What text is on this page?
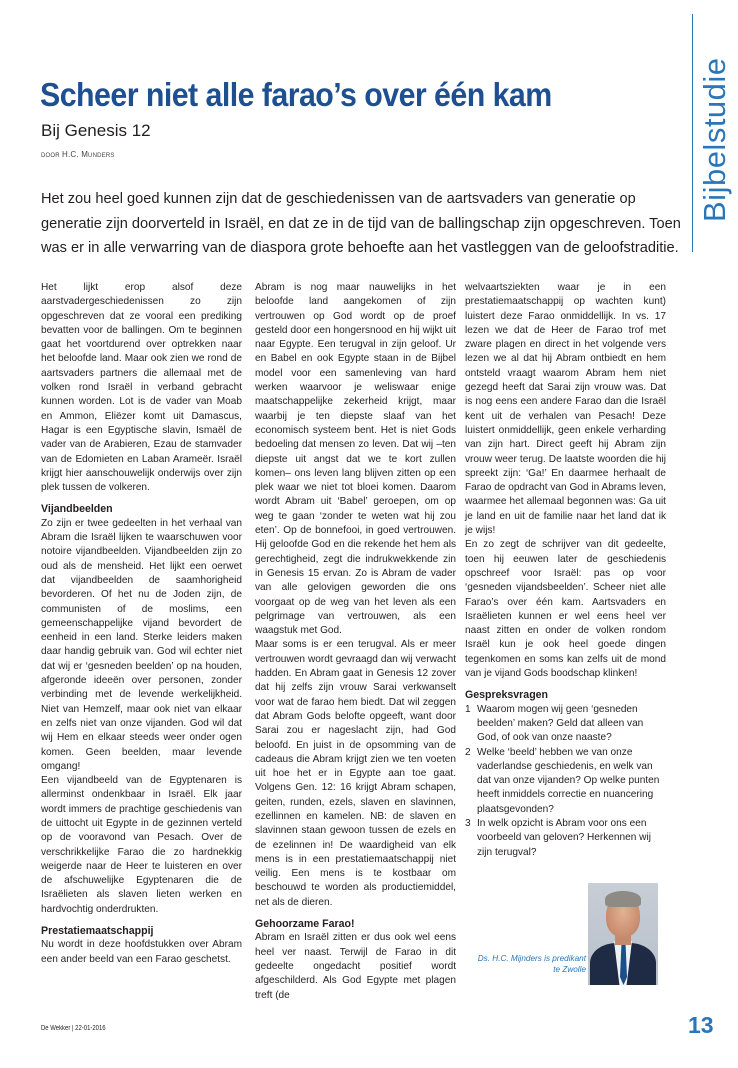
Bijbelstudie
Scheer niet alle farao’s over één kam
Bij Genesis 12
DOOR H.C. Munders

Het zou heel goed kunnen zijn dat de geschiedenissen van de aartsvaders van generatie op generatie zijn doorverteld in Israël, en dat ze in de tijd van de ballingschap zijn opgeschreven. Toen was er in alle verwarring van de diaspora grote behoefte aan het vastleggen van de geloofstraditie.

Het lijkt erop alsof deze aarstvadergeschiedenissen zo zijn opgeschreven dat ze vooral een prediking bevatten voor de ballingen. Om te beginnen gaat het voortdurend over optrekken naar het beloofde land. Maar ook zien we rond de aartsvaders partners die allemaal met de volken rond Israël in verband gebracht kunnen worden. Lot is de vader van Moab en Ammon, Eliëzer komt uit Damascus, Hagar is een Egyptische slavin, Ismaël de vader van de Arabieren, Ezau de stamvader van de Edomieten en Laban Arameër. Israël krijgt hier aanschouwelijk onderwijs over zijn plek tussen de volkeren.

Vijandbeelden

Zo zijn er twee gedeelten in het verhaal van Abram die Israël lijken te waarschuwen voor notoire vijandbeelden. Vijandbeelden zijn zo oud als de mensheid. Het lijkt een oerwet dat vijandbeelden de saamhorigheid bevorderen. Of het nu de Joden zijn, de communisten of de moslims, een gemeenschappelijke vijand bevordert de eenheid in een land. Sterke leiders maken daar handig gebruik van. God wil echter niet dat wij er ‘gesneden beelden’ op na houden, afgeronde ideeën over personen, zonder verbinding met de levende werkelijkheid. Niet van Hemzelf, maar ook niet van elkaar en zelfs niet van onze vijanden. God wil dat wij Hem en elkaar steeds weer onder ogen komen. Geen beelden, maar levende omgang!

Een vijandbeeld van de Egyptenaren is allerminst ondenkbaar in Israël. Elk jaar wordt immers de prachtige geschiedenis van de uittocht uit Egypte in de gezinnen verteld op de vooravond van Pesach. Over de verschrikkelijke Farao die zo hardnekkig weigerde naar de Heer te luisteren en over de afschuwelijke Egyptenaren die de Israëlieten als slaven lieten werken en hardvochtig onderdrukten.

Prestatiemaatschappij

Nu wordt in deze hoofdstukken over Abram een ander beeld van een Farao geschetst.

Abram is nog maar nauwelijks in het beloofde land aangekomen of zijn vertrouwen op God wordt op de proef gesteld door een hongersnood en hij wijkt uit naar Egypte. Een terugval in zijn geloof. Ur en Babel en ook Egypte staan in de Bijbel model voor een samenleving van hard werken waarvoor je weliswaar enige maatschappelijke zekerheid krijgt, maar waarbij je ten diepste slaaf van het economisch systeem bent. Het is niet Gods bedoeling dat mensen zo leven. Dat wij –ten diepste uit angst dat we te kort zullen komen– ons leven lang blijven zitten op een plek waar we niet tot bloei komen. Daarom wordt Abram uit ‘Babel’ geroepen, om op weg te gaan ‘zonder te weten wat hij zou eten’. Op de bonnefooi, in goed vertrouwen. Hij geloofde God en die rekende het hem als gerechtigheid, zegt die indrukwekkende zin in Genesis 15 ervan. Zo is Abram de vader van alle gelovigen geworden die ons voorgaat op de weg van het leven als een pelgrimage van vertrouwen, als een waagstuk met God.

Maar soms is er een terugval. Als er meer vertrouwen wordt gevraagd dan wij verwacht hadden. En Abram gaat in Genesis 12 zover dat hij zelfs zijn vrouw Sarai verkwanselt voor wat de farao hem biedt. Dat wil zeggen dat Abram Gods belofte opgeeft, want door Sarai zou er nageslacht zijn, had God beloofd. En juist in de opsomming van de cadeaus die Abram krijgt zien we ten voeten uit hoe het er in Egypte aan toe gaat. Volgens Gen. 12: 16 krijgt Abram schapen, geiten, runden, ezels, slaven en slavinnen, ezellinnen en kamelen. NB: de slaven en slavinnen staan gewoon tussen de ezels en de ezelinnen in! De waardigheid van elk mens is in een prestatiemaatschappij niet veilig. Een mens is te kostbaar om beschouwd te worden als productiemiddel, net als de dieren.

Gehoorzame Farao!

Abram en Israël zitten er dus ook wel eens heel ver naast. Terwijl de Farao in dit gedeelte ongedacht positief wordt afgeschilderd. Als God Egypte met plagen treft (de

welvaartsziekten waar je in een prestatiemaatschappij op wachten kunt) luistert deze Farao onmiddellijk. In vs. 17 lezen we dat de Heer de Farao trof met zware plagen en direct in het volgende vers lezen we al dat hij Abram ontbiedt en hem ontsteld vraagt waarom Abram hem niet gezegd heeft dat Sarai zijn vrouw was. Dat is nog eens een andere Farao dan die Israël kent uit de verhalen van Pesach! Deze luistert onmiddellijk, geen enkele verharding van zijn hart. Direct geeft hij Abram zijn vrouw weer terug. De laatste woorden die hij spreekt zijn: ‘Ga!’ En daarmee herhaalt de Farao de opdracht van God in Abrams leven, waarmee het allemaal begonnen was: Ga uit je land en uit de familie naar het land dat ik je wijs!

En zo zegt de schrijver van dit gedeelte, toen hij eeuwen later de geschiedenis opschreef voor Israël: pas op voor ‘gesneden vijandsbeelden’. Scheer niet alle Farao’s over één kam. Aartsvaders en Israëlieten kunnen er wel eens heel ver naast zitten en onder de volken rondom Israël kun je ook heel goede dingen tegenkomen en soms kan zelfs uit de mond van je vijand Gods boodschap klinken!

Gespreksvragen

1 Waarom mogen wij geen ‘gesneden beelden’ maken? Geld dat alleen van God, of ook van onze naaste?
2 Welke ‘beeld’ hebben we van onze vaderlandse geschiedenis, en welk van dat van onze vijanden? Op welke punten heeft inmiddels correctie en nuancering plaatsgevonden?
3 In welk opzicht is Abram voor ons een voorbeeld van geloven? Herkennen wij zijn terugval?
Ds. H.C. Mijnders is predikant te Zwolle
De Wekker | 22-01-2016	13
